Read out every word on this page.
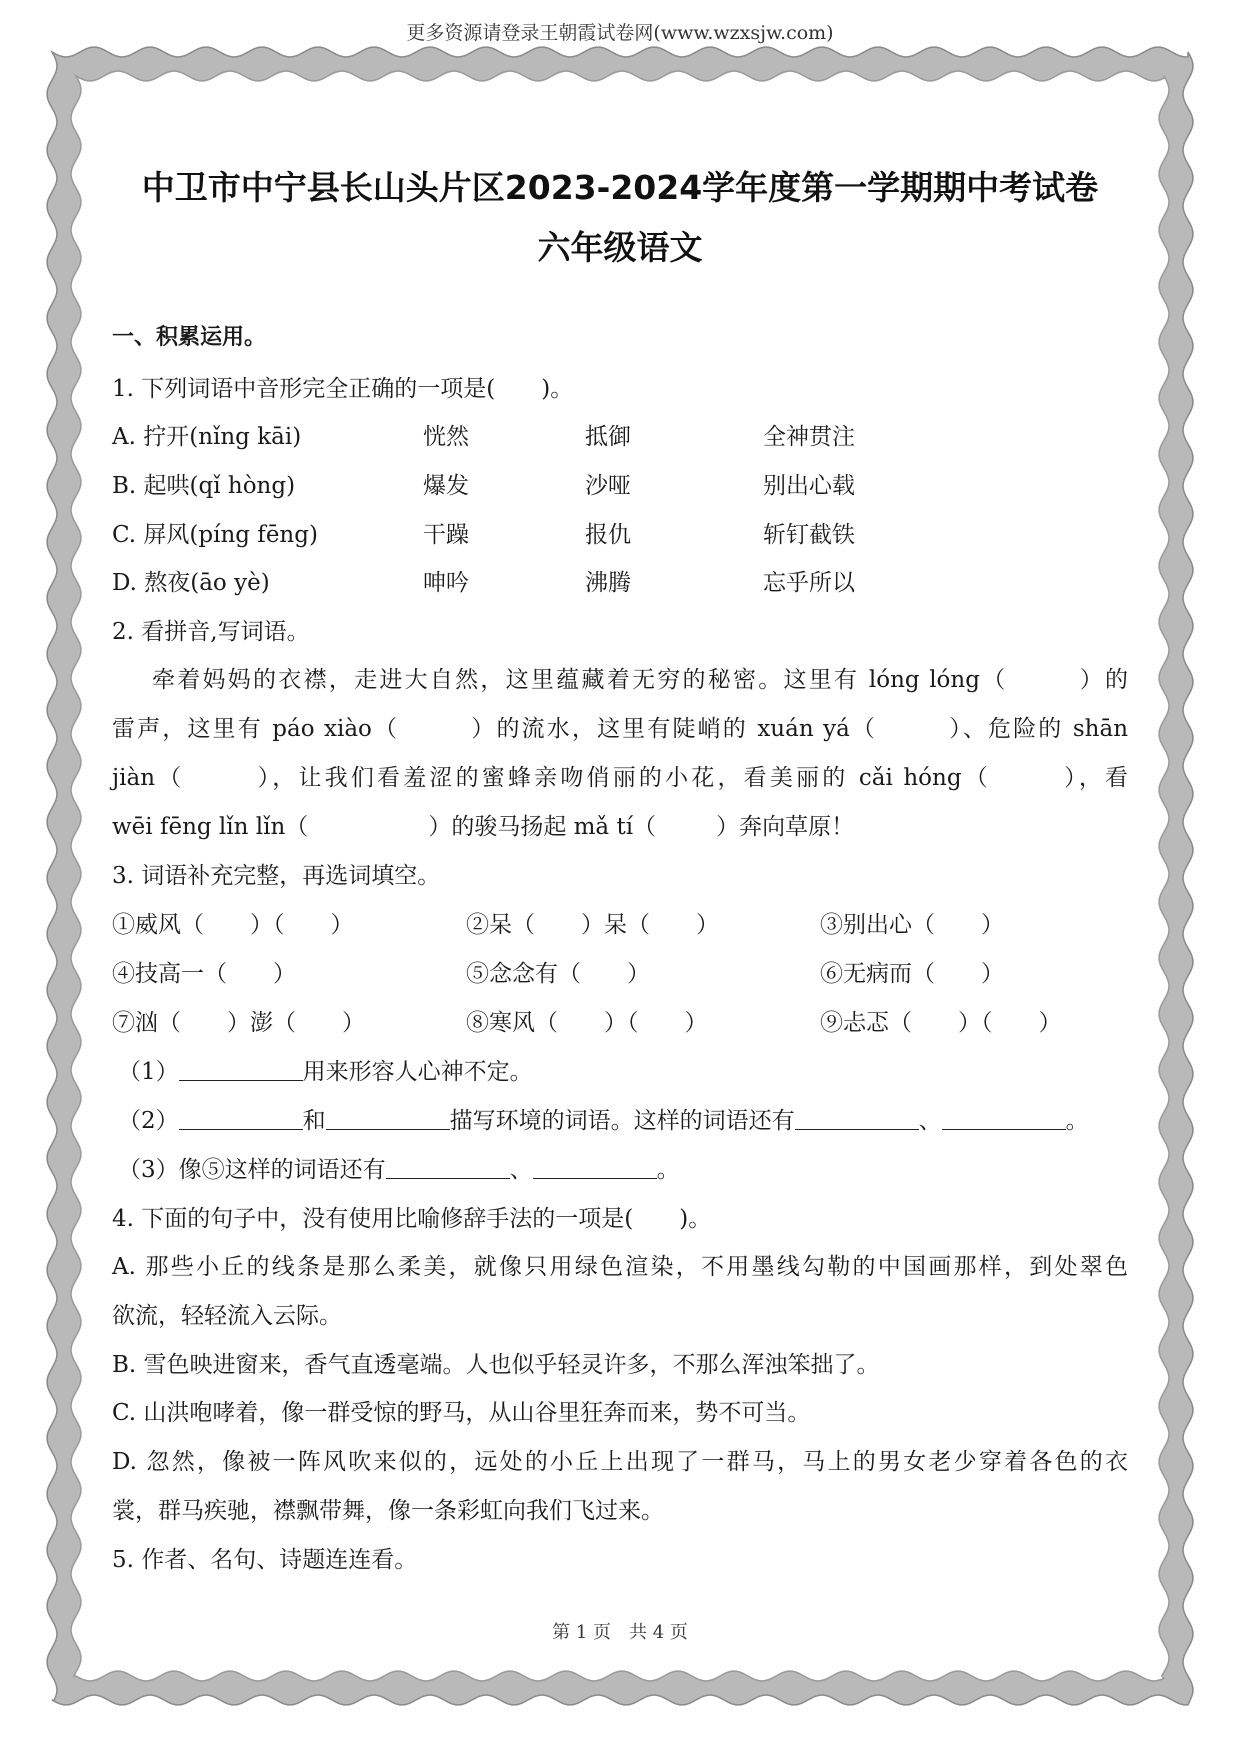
更多资源请登录王朝霞试卷网(www.wzxsjw.com)
中卫市中宁县长山头片区2023-2024学年度第一学期期中考试卷
六年级语文
一、积累运用。
1. 下列词语中音形完全正确的一项是(　　)。
A. 拧开(nǐng kāi)	恍然	抵御	全神贯注
B. 起哄(qǐ hòng)	爆发	沙哑	别出心载
C. 屏风(píng fēng)	干躁	报仇	斩钉截铁
D. 熬夜(āo yè)	呻吟	沸腾	忘乎所以
2. 看拼音,写词语。
牵着妈妈的衣襟，走进大自然，这里蕴藏着无穷的秘密。这里有 lóng lóng（	）的
雷声，这里有 páo xiào（	）的流水，这里有陡峭的 xuán yá（	）、危险的 shān
jiàn（	），让我们看羞涩的蜜蜂亲吻俏丽的小花，看美丽的 cǎi hóng（	），看
wēi fēng lǐn lǐn（	）的骏马扬起 mǎ tí（	）奔向草原！
3. 词语补充完整，再选词填空。
①威风（　　）（　　）	②呆（　　）呆（　　）	③别出心（　　）
④技高一（　　）	⑤念念有（　　）	⑥无病而（　　）
⑦汹（　　）澎（　　）	⑧寒风（　　）（　　）	⑨忐忑（　　）（　　）
（1）	用来形容人心神不定。
（2）	和	描写环境的词语。这样的词语还有	、	。
（3）像⑤这样的词语还有	、	。
4. 下面的句子中，没有使用比喻修辞手法的一项是(　　)。
A. 那些小丘的线条是那么柔美，就像只用绿色渲染，不用墨线勾勒的中国画那样，到处翠色
欲流，轻轻流入云际。
B. 雪色映进窗来，香气直透毫端。人也似乎轻灵许多，不那么浑浊笨拙了。
C. 山洪咆哮着，像一群受惊的野马，从山谷里狂奔而来，势不可当。
D. 忽然，像被一阵风吹来似的，远处的小丘上出现了一群马，马上的男女老少穿着各色的衣
裳，群马疾驰，襟飘带舞，像一条彩虹向我们飞过来。
5. 作者、名句、诗题连连看。
第 1 页　共 4 页
